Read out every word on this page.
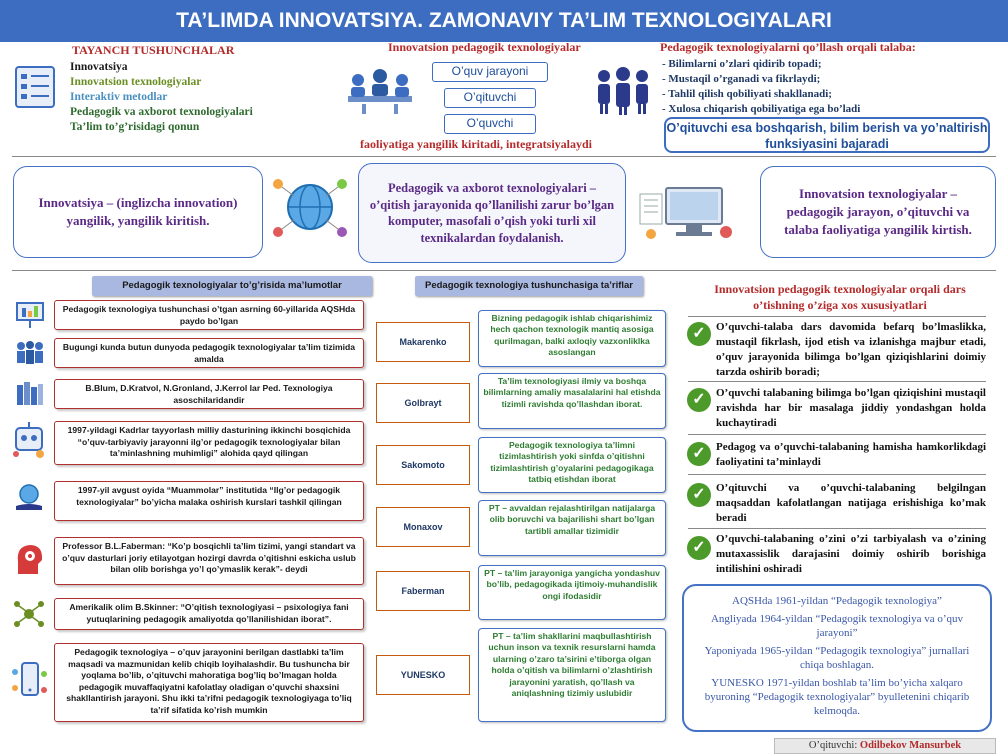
TA’LIMDA INNOVATSIYA. ZAMONAVIY TA’LIM TEXNOLOGIYALARI
TAYANCH TUSHUNCHALAR
Innovatsiya
Innovatsion texnologiyalar
Interaktiv metodlar
Pedagogik va axborot texnologiyalari
Ta’lim to’g’risidagi qonun
Innovatsion pedagogik texnologiyalar
O’quv jarayoni
O’qituvchi
O’quvchi
faoliyatiga yangilik kiritadi, integratsiyalaydi
Pedagogik texnologiyalarni qo’llash orqali talaba:
- Bilimlarni o’zlari qidirib topadi;
- Mustaqil o’rganadi va fikrlaydi;
- Tahlil qilish qobiliyati shakllanadi;
- Xulosa chiqarish qobiliyatiga ega bo’ladi
O’qituvchi esa boshqarish, bilim berish va yo’naltirish funksiyasini bajaradi
Innovatsiya – (inglizcha innovation) yangilik, yangilik kiritish.
Pedagogik va axborot texnologiyalari – o’qitish jarayonida qo’llanilishi zarur bo’lgan komputer, masofali o’qish yoki turli xil texnikalardan foydalanish.
Innovatsion texnologiyalar – pedagogik jarayon, o’qituvchi va talaba faoliyatiga yangilik kirtish.
Pedagogik texnologiyalar to’g’risida ma’lumotlar
Pedagogik texnologiya tushunchasi o’tgan asrning 60-yillarida AQSHda paydo bo’lgan
Bugungi kunda butun dunyoda pedagogik texnologiyalar ta’lim tizimida amalda
B.Blum, D.Kratvol, N.Gronland, J.Kerrol lar Ped. Texnologiya asoschilaridandir
1997-yildagi Kadrlar tayyorlash milliy dasturining ikkinchi bosqichida “o’quv-tarbiyaviy jarayonni ilg’or pedagogik texnologiyalar bilan ta’minlashning muhimligi” alohida qayd qilingan
1997-yil avgust oyida “Muammolar” institutida “Ilg’or pedagogik texnologiyalar” bo’yicha malaka oshirish kurslari tashkil qilingan
Professor B.L.Faberman: “Ko’p bosqichli ta’lim tizimi, yangi standart va o’quv dasturlari joriy etilayotgan hozirgi davrda o’qitishni eskicha uslub bilan olib borishga yo’l qo’ymaslik kerak”- deydi
Amerikalik olim B.Skinner: “O’qitish texnologiyasi – psixologiya fani yutuqlarining pedagogik amaliyotda qo’llanilishidan iborat”.
Pedagogik texnologiya – o’quv jarayonini berilgan dastlabki ta’lim maqsadi va mazmunidan kelib chiqib loyihalashdir. Bu tushuncha bir yoqlama bo’lib, o’qituvchi mahoratiga bog’liq bo’lmagan holda pedagogik muvaffaqiyatni kafolatlay oladigan o’quvchi shaxsini shakllantirish jarayoni. Shu ikki ta’rifni pedagogik texnologiyaga to’liq ta’rif sifatida ko’rish mumkin
Pedagogik texnologiya tushunchasiga ta’riflar
Makarenko
Bizning pedagogik ishlab chiqarishimiz hech qachon texnologik mantiq asosiga qurilmagan, balki axloqiy vazxonliklka asoslangan
Golbrayt
Ta’lim texnologiyasi ilmiy va boshqa bilimlarning amaliy masalalarini hal etishda tizimli ravishda qo’llashdan iborat.
Sakomoto
Pedagogik texnologiya ta’limni tizimlashtirish yoki sinfda o’qitishni tizimlashtirish g’oyalarini pedagogikaga tatbiq etishdan iborat
Monaxov
PT – avvaldan rejalashtirilgan natijalarga olib boruvchi va bajarilishi shart bo’lgan tartibli amallar tizimidir
Faberman
PT – ta’lim jarayoniga yangicha yondashuv bo’lib, pedagogikada ijtimoiy-muhandislik ongi ifodasidir
YUNESKO
PT – ta’lim shakllarini maqbullashtirish uchun inson va texnik resurslarni hamda ularning o’zaro ta’sirini e’tiborga olgan holda o’qitish va bilimlarni o’zlashtirish jarayonini yaratish, qo’llash va aniqlashning tizimiy uslubidir
Innovatsion pedagogik texnologiyalar orqali dars o’tishning o’ziga xos xususiyatlari
✓ O’quvchi-talaba dars davomida befarq bo’lmaslikka, mustaqil fikrlash, ijod etish va izlanishga majbur etadi, o’quv jarayonida bilimga bo’lgan qiziqishlarini doimiy tarzda oshirib boradi;
✓ O’quvchi talabaning bilimga bo’lgan qiziqishini mustaqil ravishda har bir masalaga jiddiy yondashgan holda kuchaytiradi
✓ Pedagog va o’quvchi-talabaning hamisha hamkorlikdagi faoliyatini ta’minlaydi
✓ O’qituvchi va o’quvchi-talabaning belgilngan maqsaddan kafolatlangan natijaga erishishiga ko’mak beradi
✓ O’quvchi-talabaning o’zini o’zi tarbiyalash va o’zining mutaxassislik darajasini doimiy oshirib borishiga intilishini oshiradi
AQSHda 1961-yildan “Pedagogik texnologiya”
Angliyada 1964-yildan “Pedagogik texnologiya va o’quv jarayoni”
Yaponiyada 1965-yildan “Pedagogik texnologiya” jurnallari chiqa boshlagan.
YUNESKO 1971-yildan boshlab ta’lim bo’yicha xalqaro byuroning “Pedagogik texnologiyalar” byulletenini chiqarib kelmoqda.
O’qituvchi: Odilbekov Mansurbek
